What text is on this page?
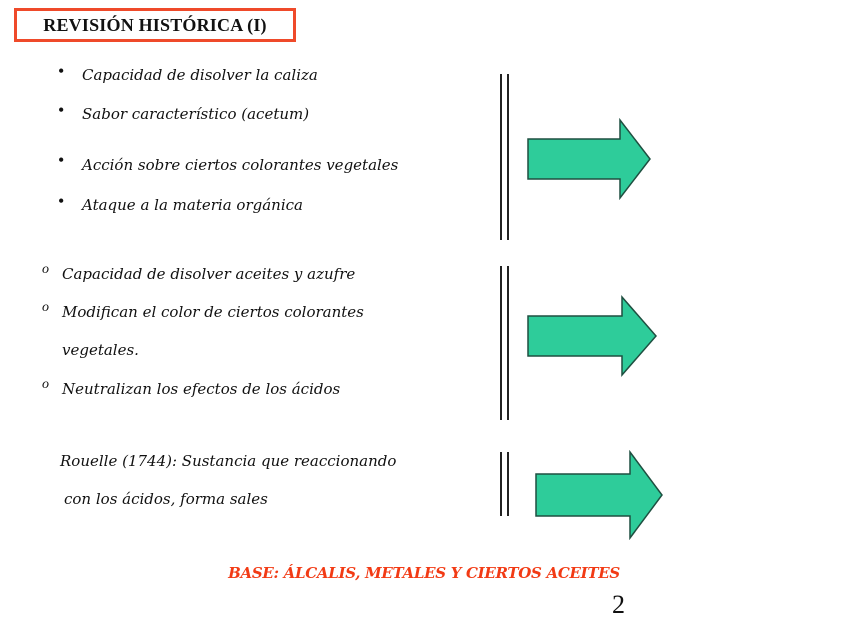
REVISIÓN HISTÓRICA (I)
• Capacidad de disolver la caliza
• Sabor característico (acetum)
• Acción sobre ciertos colorantes vegetales
• Ataque a la materia orgánica
o Capacidad de disolver aceites y azufre
o Modifican el color de ciertos colorantes
vegetales.
o Neutralizan los efectos de los ácidos
Rouelle (1744): Sustancia que reaccionando
con los ácidos, forma sales
BASE: ÁLCALIS, METALES Y CIERTOS ACEITES
2
